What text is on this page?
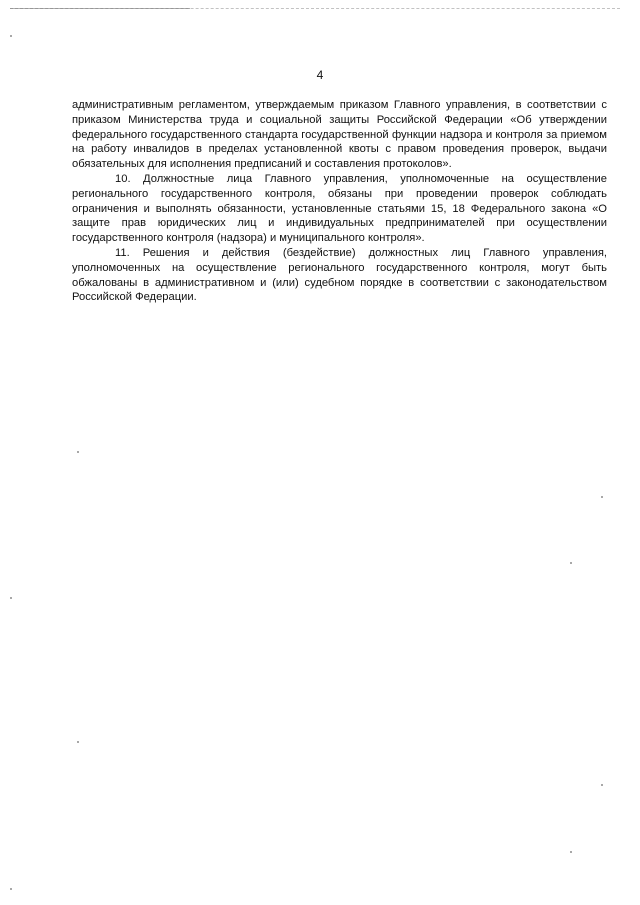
4

административным регламентом, утверждаемым приказом Главного управления, в соответствии с приказом Министерства труда и социальной защиты Российской Федерации «Об утверждении федерального государственного стандарта государственной функции надзора и контроля за приемом на работу инвалидов в пределах установленной квоты с правом проведения проверок, выдачи обязательных для исполнения предписаний и составления протоколов».

10. Должностные лица Главного управления, уполномоченные на осуществление регионального государственного контроля, обязаны при проведении проверок соблюдать ограничения и выполнять обязанности, установленные статьями 15, 18 Федерального закона «О защите прав юридических лиц и индивидуальных предпринимателей при осуществлении государственного контроля (надзора) и муниципального контроля».

11. Решения и действия (бездействие) должностных лиц Главного управления, уполномоченных на осуществление регионального государственного контроля, могут быть обжалованы в административном и (или) судебном порядке в соответствии с законодательством Российской Федерации.
